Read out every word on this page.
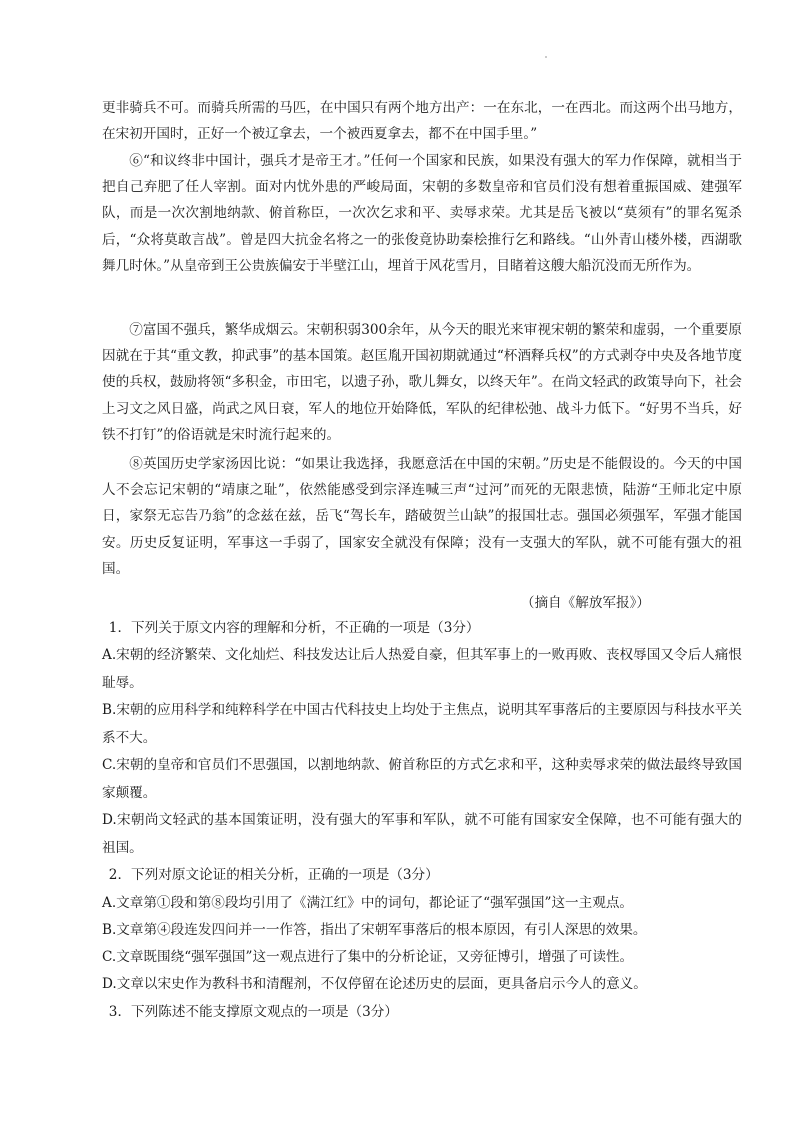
更非骑兵不可。而骑兵所需的马匹，在中国只有两个地方出产：一在东北，一在西北。而这两个出马地方，在宋初开国时，正好一个被辽拿去，一个被西夏拿去，都不在中国手里。”
⑥“和议终非中国计，强兵才是帝王才。”任何一个国家和民族，如果没有强大的军力作保障，就相当于把自己弃肥了任人宰割。面对内忧外患的严峻局面，宋朝的多数皇帝和官员们没有想着重振国威、建强军队，而是一次次割地纳款、俯首称臣，一次次乞求和平、卖辱求荣。尤其是岳飞被以“莫须有”的罪名冤杀后，“众将莫敢言战”。曾是四大抗金名将之一的张俊竟协助秦桧推行乞和路线。“山外青山楼外楼，西湖歌舞几时休。”从皇帝到王公贵族偏安于半壁江山，埋首于风花雪月，目睹着这艘大船沉没而无所作为。
⑦富国不强兵，繁华成烟云。宋朝积弱300余年，从今天的眼光来审视宋朝的繁荣和虚弱，一个重要原因就在于其“重文教，抑武事”的基本国策。赵匡胤开国初期就通过“杯酒释兵权”的方式剥夺中央及各地节度使的兵权，鼓励将领“多积金，市田宅，以遗子孙，歌儿舞女，以终天年”。在尚文轻武的政策导向下，社会上习文之风日盛，尚武之风日衰，军人的地位开始降低，军队的纪律松弛、战斗力低下。“好男不当兵，好铁不打钉”的俗语就是宋时流行起来的。
⑧英国历史学家汤因比说：“如果让我选择，我愿意活在中国的宋朝。”历史是不能假设的。今天的中国人不会忘记宋朝的“靖康之耻”，依然能感受到宗泽连喊三声“过河”而死的无限悲愤，陆游“王师北定中原日，家祭无忘告乃翁”的念兹在兹，岳飞“驾长车，踏破贺兰山缺”的报国壮志。强国必须强军，军强才能国安。历史反复证明，军事这一手弱了，国家安全就没有保障；没有一支强大的军队，就不可能有强大的祖国。
（摘自《解放军报》）
1．下列关于原文内容的理解和分析，不正确的一项是（3分）
A.宋朝的经济繁荣、文化灿烂、科技发达让后人热爱自豪，但其军事上的一败再败、丧权辱国又令后人痛恨耻辱。
B.宋朝的应用科学和纯粹科学在中国古代科技史上均处于主焦点，说明其军事落后的主要原因与科技水平关系不大。
C.宋朝的皇帝和官员们不思强国，以割地纳款、俯首称臣的方式乞求和平，这种卖辱求荣的做法最终导致国家颠覆。
D.宋朝尚文轻武的基本国策证明，没有强大的军事和军队，就不可能有国家安全保障，也不可能有强大的祖国。
2．下列对原文论证的相关分析，正确的一项是（3分）
A.文章第①段和第⑧段均引用了《满江红》中的词句，都论证了“强军强国”这一主观点。
B.文章第④段连发四问并一一作答，指出了宋朝军事落后的根本原因，有引人深思的效果。
C.文章既围绕“强军强国”这一观点进行了集中的分析论证，又旁征博引，增强了可读性。
D.文章以宋史作为教科书和清醒剂，不仅停留在论述历史的层面，更具备启示今人的意义。
3．下列陈述不能支撑原文观点的一项是（3分）
